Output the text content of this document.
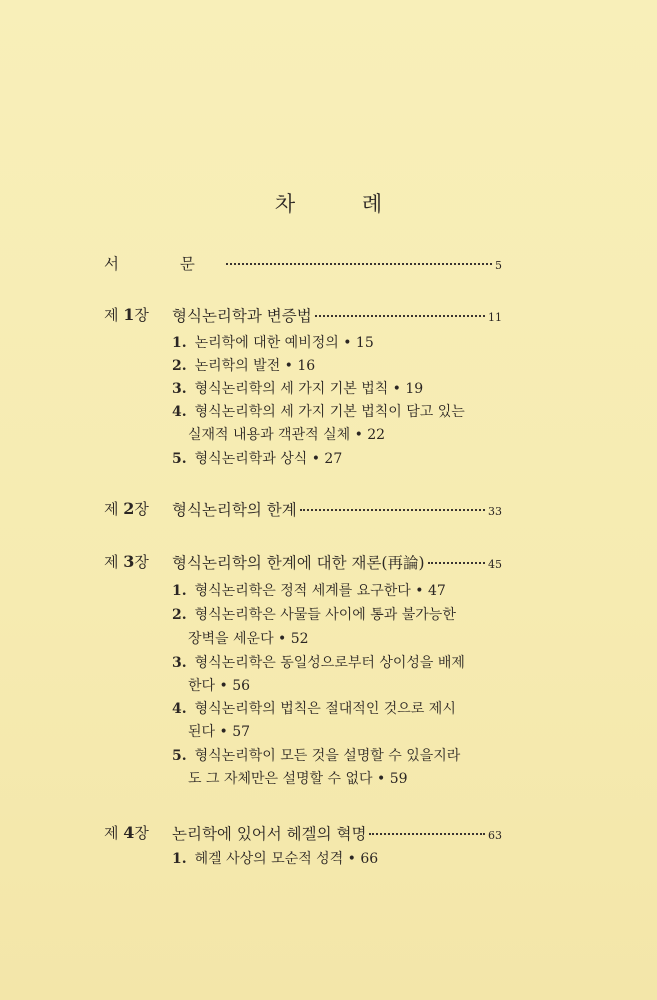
차 례
서 문	5
제 1장 형식논리학과 변증법	11
1. 논리학에 대한 예비정의 • 15
2. 논리학의 발전 • 16
3. 형식논리학의 세 가지 기본 법칙 • 19
4. 형식논리학의 세 가지 기본 법칙이 담고 있는
실재적 내용과 객관적 실체 • 22
5. 형식논리학과 상식 • 27
제 2장 형식논리학의 한계	33
제 3장 형식논리학의 한계에 대한 재론(再論)	45
1. 형식논리학은 정적 세계를 요구한다 • 47
2. 형식논리학은 사물들 사이에 통과 불가능한
장벽을 세운다 • 52
3. 형식논리학은 동일성으로부터 상이성을 배제
한다 • 56
4. 형식논리학의 법칙은 절대적인 것으로 제시
된다 • 57
5. 형식논리학이 모든 것을 설명할 수 있을지라
도 그 자체만은 설명할 수 없다 • 59
제 4장 논리학에 있어서 헤겔의 혁명	63
1. 헤겔 사상의 모순적 성격 • 66
